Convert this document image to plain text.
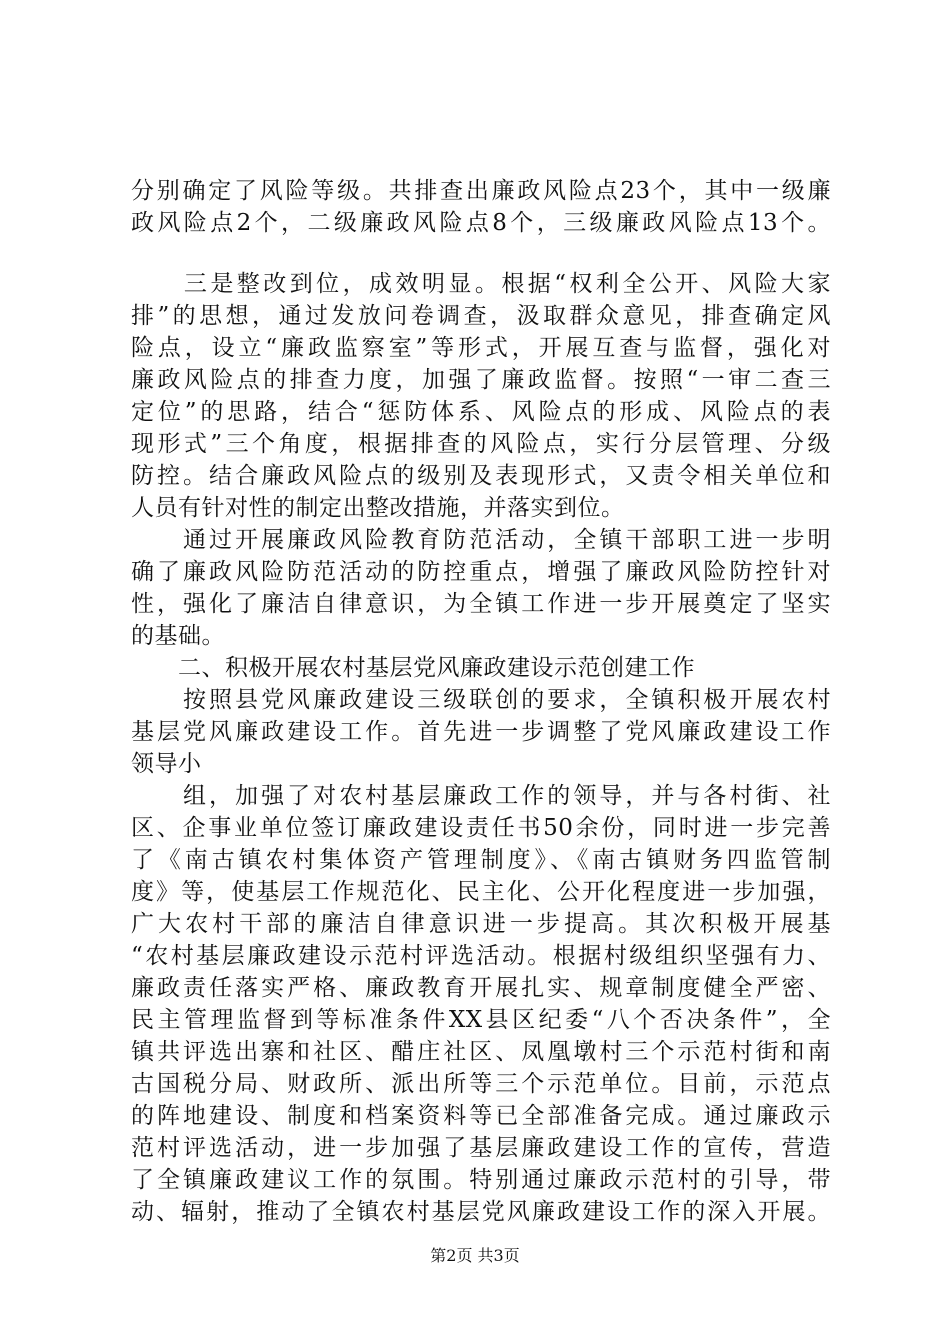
分别确定了风险等级。共排查出廉政风险点23个，其中一级廉
政风险点2个，二级廉政风险点8个，三级廉政风险点13个。
　　三是整改到位，成效明显。根据“权利全公开、风险大家
排”的思想，通过发放问卷调查，汲取群众意见，排查确定风
险点，设立“廉政监察室”等形式，开展互查与监督，强化对
廉政风险点的排查力度，加强了廉政监督。按照“一审二查三
定位”的思路，结合“惩防体系、风险点的形成、风险点的表
现形式”三个角度，根据排查的风险点，实行分层管理、分级
防控。结合廉政风险点的级别及表现形式，又责令相关单位和
人员有针对性的制定出整改措施，并落实到位。
　　通过开展廉政风险教育防范活动，全镇干部职工进一步明
确了廉政风险防范活动的防控重点，增强了廉政风险防控针对
性，强化了廉洁自律意识，为全镇工作进一步开展奠定了坚实
的基础。
　　二、积极开展农村基层党风廉政建设示范创建工作
　　按照县党风廉政建设三级联创的要求，全镇积极开展农村
基层党风廉政建设工作。首先进一步调整了党风廉政建设工作
领导小
　　组，加强了对农村基层廉政工作的领导，并与各村街、社
区、企事业单位签订廉政建设责任书50余份，同时进一步完善
了《南古镇农村集体资产管理制度》、《南古镇财务四监管制
度》等，使基层工作规范化、民主化、公开化程度进一步加强，
广大农村干部的廉洁自律意识进一步提高。其次积极开展基
“农村基层廉政建设示范村评选活动。根据村级组织坚强有力、
廉政责任落实严格、廉政教育开展扎实、规章制度健全严密、
民主管理监督到等标准条件XX县区纪委“八个否决条件”，全
镇共评选出寨和社区、醋庄社区、凤凰墩村三个示范村街和南
古国税分局、财政所、派出所等三个示范单位。目前，示范点
的阵地建设、制度和档案资料等已全部准备完成。通过廉政示
范村评选活动，进一步加强了基层廉政建设工作的宣传，营造
了全镇廉政建议工作的氛围。特别通过廉政示范村的引导，带
动、辐射，推动了全镇农村基层党风廉政建设工作的深入开展。
第2页 共3页
